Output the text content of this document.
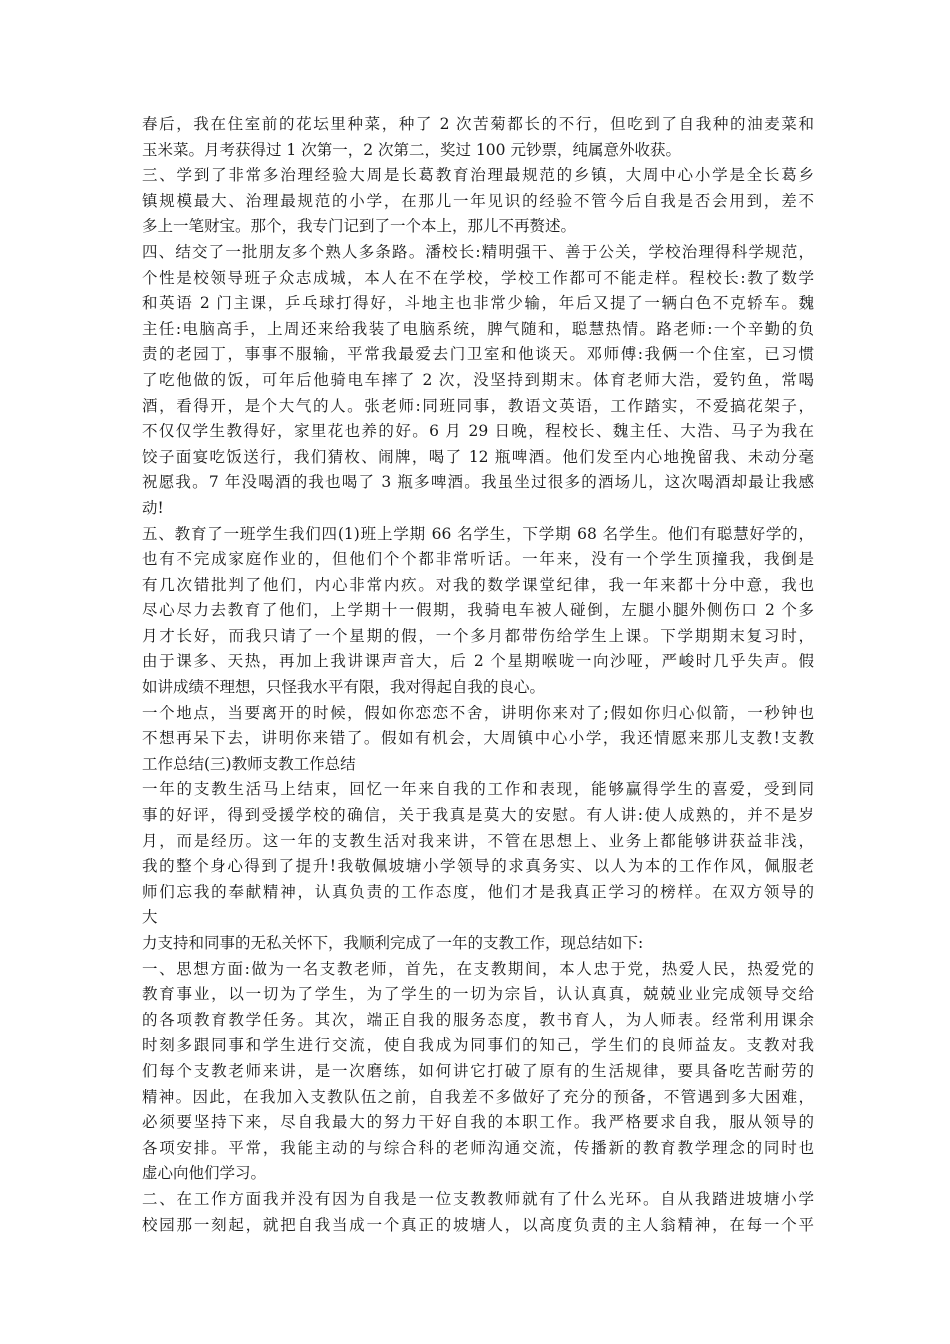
春后，我在住室前的花坛里种菜，种了 2 次苦菊都长的不行，但吃到了自我种的油麦菜和
玉米菜。月考获得过 1 次第一，2 次第二，奖过 100 元钞票，纯属意外收获。
三、学到了非常多治理经验大周是长葛教育治理最规范的乡镇，大周中心小学是全长葛乡
镇规模最大、治理最规范的小学，在那儿一年见识的经验不管今后自我是否会用到，差不
多上一笔财宝。那个，我专门记到了一个本上，那儿不再赘述。
四、结交了一批朋友多个熟人多条路。潘校长:精明强干、善于公关，学校治理得科学规范，
个性是校领导班子众志成城，本人在不在学校，学校工作都可不能走样。程校长:教了数学
和英语 2 门主课，乒乓球打得好，斗地主也非常少输，年后又提了一辆白色不克轿车。魏
主任:电脑高手，上周还来给我装了电脑系统，脾气随和，聪慧热情。路老师:一个辛勤的负
责的老园丁，事事不服输，平常我最爱去门卫室和他谈天。邓师傅:我俩一个住室，已习惯
了吃他做的饭，可年后他骑电车摔了 2 次，没坚持到期末。体育老师大浩，爱钓鱼，常喝
酒，看得开，是个大气的人。张老师:同班同事，教语文英语，工作踏实，不爱搞花架子，
不仅仅学生教得好，家里花也养的好。6 月 29 日晚，程校长、魏主任、大浩、马子为我在
饺子面宴吃饭送行，我们猜枚、闹牌，喝了 12 瓶啤酒。他们发至内心地挽留我、未动分毫
祝愿我。7 年没喝酒的我也喝了 3 瓶多啤酒。我虽坐过很多的酒场儿，这次喝酒却最让我感
动!
五、教育了一班学生我们四(1)班上学期 66 名学生，下学期 68 名学生。他们有聪慧好学的，
也有不完成家庭作业的，但他们个个都非常听话。一年来，没有一个学生顶撞我，我倒是
有几次错批判了他们，内心非常内疚。对我的数学课堂纪律，我一年来都十分中意，我也
尽心尽力去教育了他们，上学期十一假期，我骑电车被人碰倒，左腿小腿外侧伤口 2 个多
月才长好，而我只请了一个星期的假，一个多月都带伤给学生上课。下学期期末复习时，
由于课多、天热，再加上我讲课声音大，后 2 个星期喉咙一向沙哑，严峻时几乎失声。假
如讲成绩不理想，只怪我水平有限，我对得起自我的良心。
一个地点，当要离开的时候，假如你恋恋不舍，讲明你来对了;假如你归心似箭，一秒钟也
不想再呆下去，讲明你来错了。假如有机会，大周镇中心小学，我还情愿来那儿支教!支教
工作总结(三)教师支教工作总结
一年的支教生活马上结束，回忆一年来自我的工作和表现，能够赢得学生的喜爱，受到同
事的好评，得到受援学校的确信，关于我真是莫大的安慰。有人讲:使人成熟的，并不是岁
月，而是经历。这一年的支教生活对我来讲，不管在思想上、业务上都能够讲获益非浅，
我的整个身心得到了提升!我敬佩坡塘小学领导的求真务实、以人为本的工作作风，佩服老
师们忘我的奉献精神，认真负责的工作态度，他们才是我真正学习的榜样。在双方领导的
大
力支持和同事的无私关怀下，我顺利完成了一年的支教工作，现总结如下:
一、思想方面:做为一名支教老师，首先，在支教期间，本人忠于党，热爱人民，热爱党的
教育事业，以一切为了学生，为了学生的一切为宗旨，认认真真，兢兢业业完成领导交给
的各项教育教学任务。其次，端正自我的服务态度，教书育人，为人师表。经常利用课余
时刻多跟同事和学生进行交流，使自我成为同事们的知己，学生们的良师益友。支教对我
们每个支教老师来讲，是一次磨练，如何讲它打破了原有的生活规律，要具备吃苦耐劳的
精神。因此，在我加入支教队伍之前，自我差不多做好了充分的预备，不管遇到多大困难，
必须要坚持下来，尽自我最大的努力干好自我的本职工作。我严格要求自我，服从领导的
各项安排。平常，我能主动的与综合科的老师沟通交流，传播新的教育教学理念的同时也
虚心向他们学习。
二、在工作方面我并没有因为自我是一位支教教师就有了什么光环。自从我踏进坡塘小学
校园那一刻起，就把自我当成一个真正的坡塘人，以高度负责的主人翁精神，在每一个平
